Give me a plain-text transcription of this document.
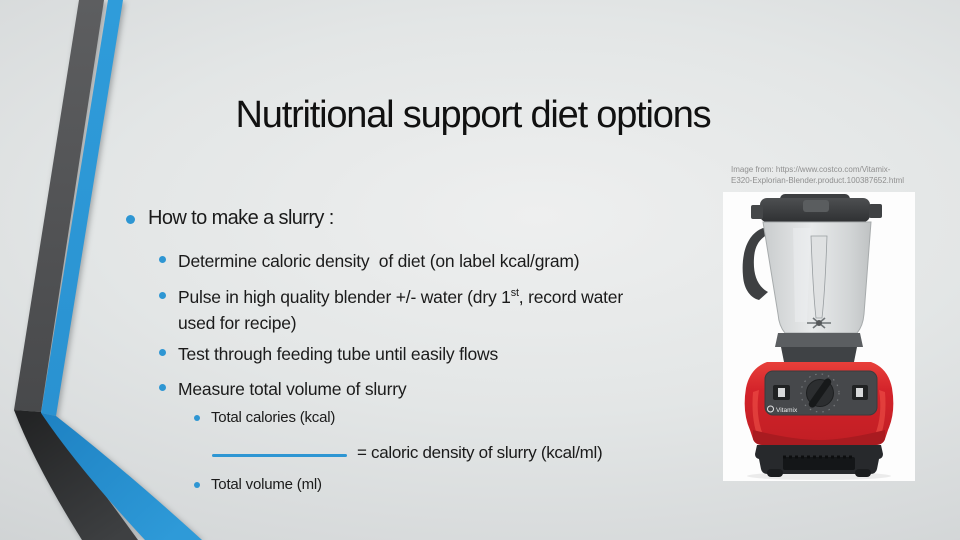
Nutritional support diet options
How to make a slurry :
Determine caloric density  of diet (on label kcal/gram)
Pulse in high quality blender +/- water (dry 1st, record water used for recipe)
Test through feeding tube until easily flows
Measure total volume of slurry
Total calories (kcal)
= caloric density of slurry (kcal/ml)
Total volume (ml)
Image from: https://www.costco.com/Vitamix-
E320-Explorian-Blender.product.100387652.html
Vitamix
